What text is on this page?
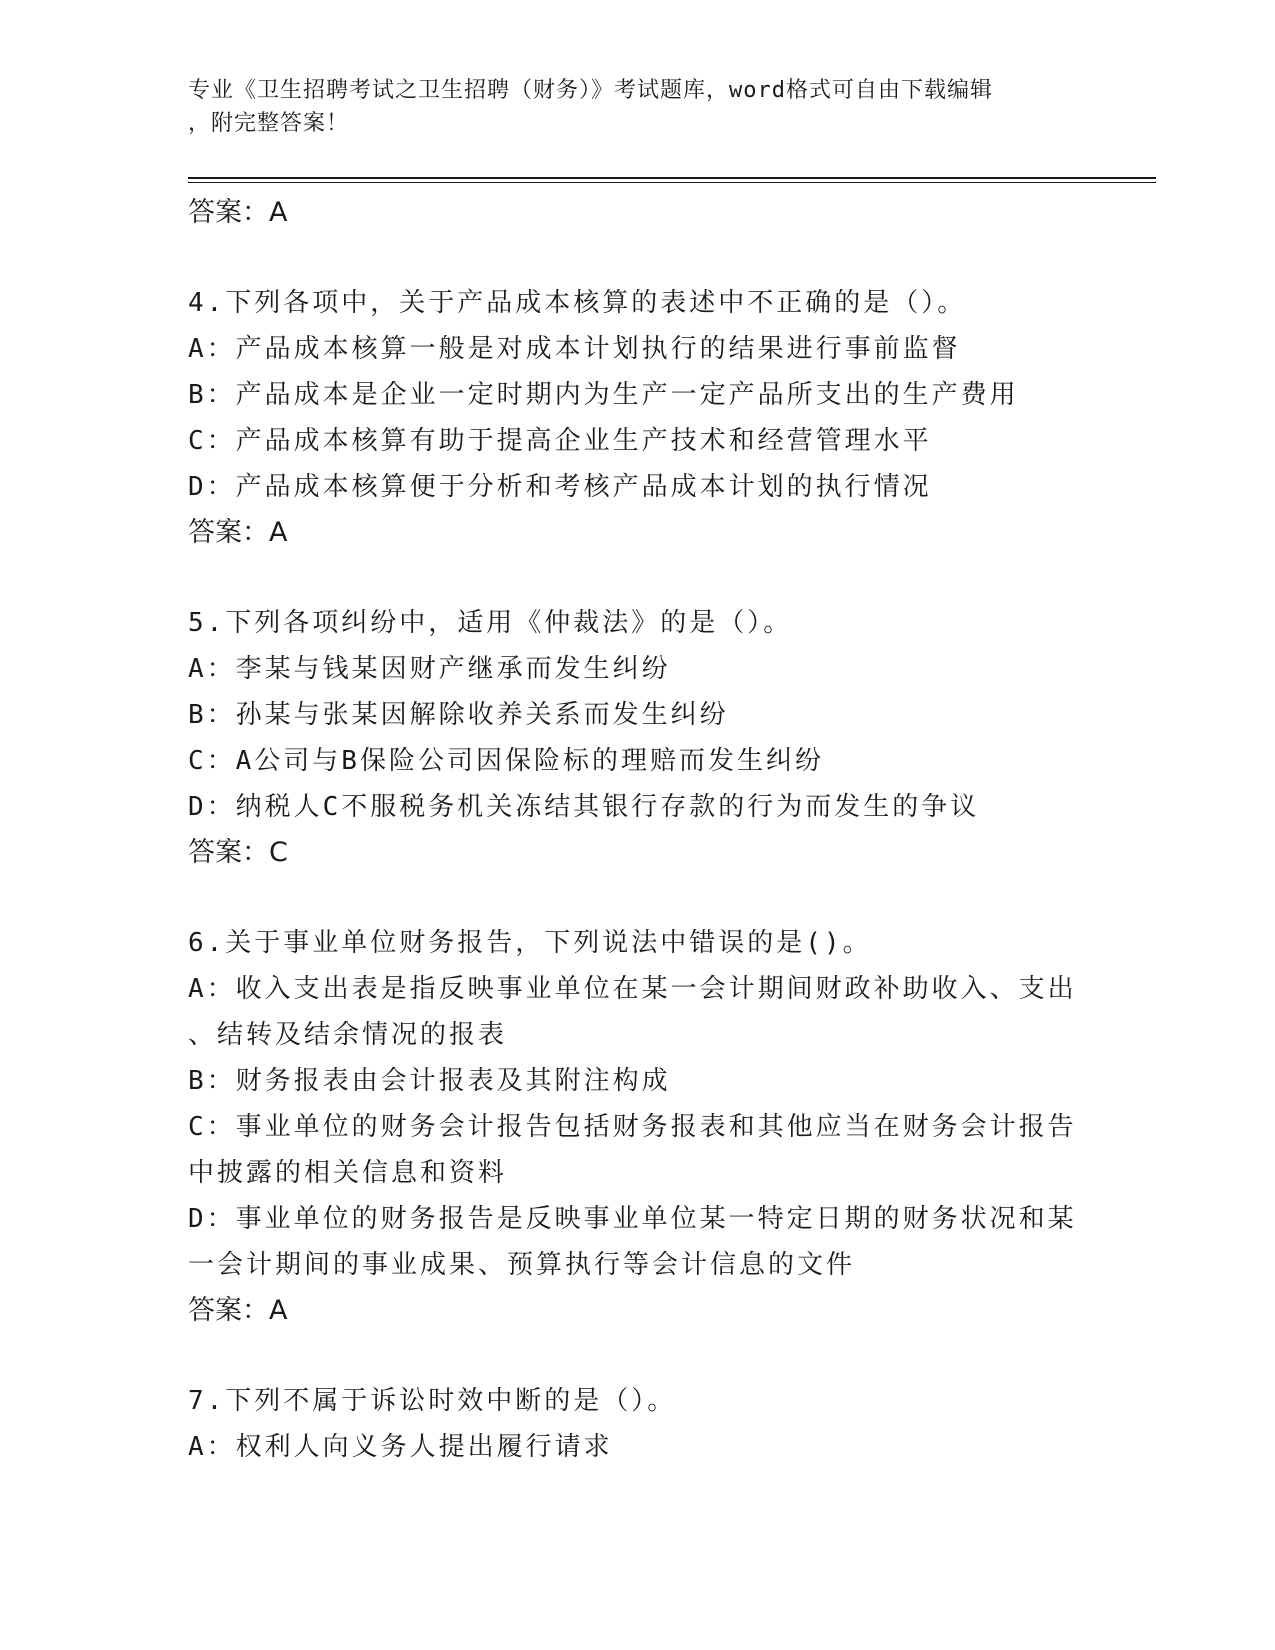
专业《卫生招聘考试之卫生招聘（财务）》考试题库，word格式可自由下载编辑
，附完整答案！
答案：A
4.下列各项中，关于产品成本核算的表述中不正确的是（）。
A：产品成本核算一般是对成本计划执行的结果进行事前监督
B：产品成本是企业一定时期内为生产一定产品所支出的生产费用
C：产品成本核算有助于提高企业生产技术和经营管理水平
D：产品成本核算便于分析和考核产品成本计划的执行情况
答案：A
5.下列各项纠纷中，适用《仲裁法》的是（）。
A：李某与钱某因财产继承而发生纠纷
B：孙某与张某因解除收养关系而发生纠纷
C：A公司与B保险公司因保险标的理赔而发生纠纷
D：纳税人C不服税务机关冻结其银行存款的行为而发生的争议
答案：C
6.关于事业单位财务报告，下列说法中错误的是()。
A：收入支出表是指反映事业单位在某一会计期间财政补助收入、支出
、结转及结余情况的报表
B：财务报表由会计报表及其附注构成
C：事业单位的财务会计报告包括财务报表和其他应当在财务会计报告
中披露的相关信息和资料
D：事业单位的财务报告是反映事业单位某一特定日期的财务状况和某
一会计期间的事业成果、预算执行等会计信息的文件
答案：A
7.下列不属于诉讼时效中断的是（）。
A：权利人向义务人提出履行请求
